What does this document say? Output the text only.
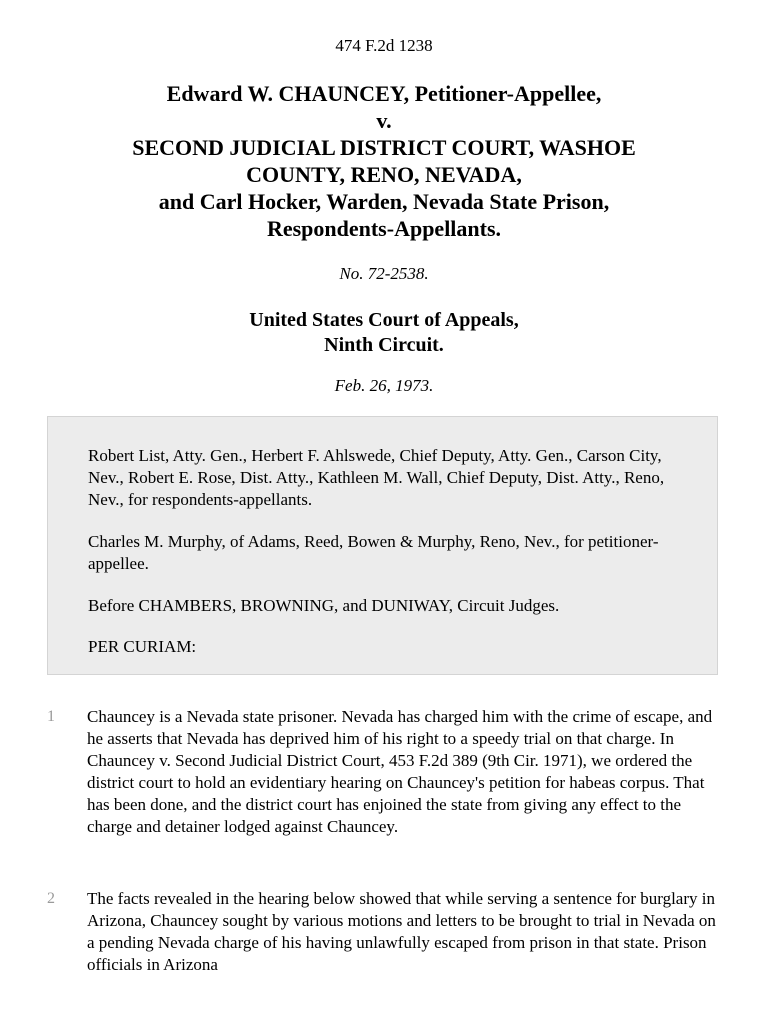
474 F.2d 1238
Edward W. CHAUNCEY, Petitioner-Appellee,
v.
SECOND JUDICIAL DISTRICT COURT, WASHOE
COUNTY, RENO, NEVADA,
and Carl Hocker, Warden, Nevada State Prison,
Respondents-Appellants.
No. 72-2538.
United States Court of Appeals,
Ninth Circuit.
Feb. 26, 1973.

Robert List, Atty. Gen., Herbert F. Ahlswede, Chief Deputy, Atty. Gen., Carson City, Nev., Robert E. Rose, Dist. Atty., Kathleen M. Wall, Chief Deputy, Dist. Atty., Reno, Nev., for respondents-appellants.

Charles M. Murphy, of Adams, Reed, Bowen & Murphy, Reno, Nev., for petitioner-appellee.

Before CHAMBERS, BROWNING, and DUNIWAY, Circuit Judges.

PER CURIAM:

1	Chauncey is a Nevada state prisoner. Nevada has charged him with the crime of escape, and he asserts that Nevada has deprived him of his right to a speedy trial on that charge. In Chauncey v. Second Judicial District Court, 453 F.2d 389 (9th Cir. 1971), we ordered the district court to hold an evidentiary hearing on Chauncey's petition for habeas corpus. That has been done, and the district court has enjoined the state from giving any effect to the charge and detainer lodged against Chauncey.

2	The facts revealed in the hearing below showed that while serving a sentence for burglary in Arizona, Chauncey sought by various motions and letters to be brought to trial in Nevada on a pending Nevada charge of his having unlawfully escaped from prison in that state. Prison officials in Arizona
